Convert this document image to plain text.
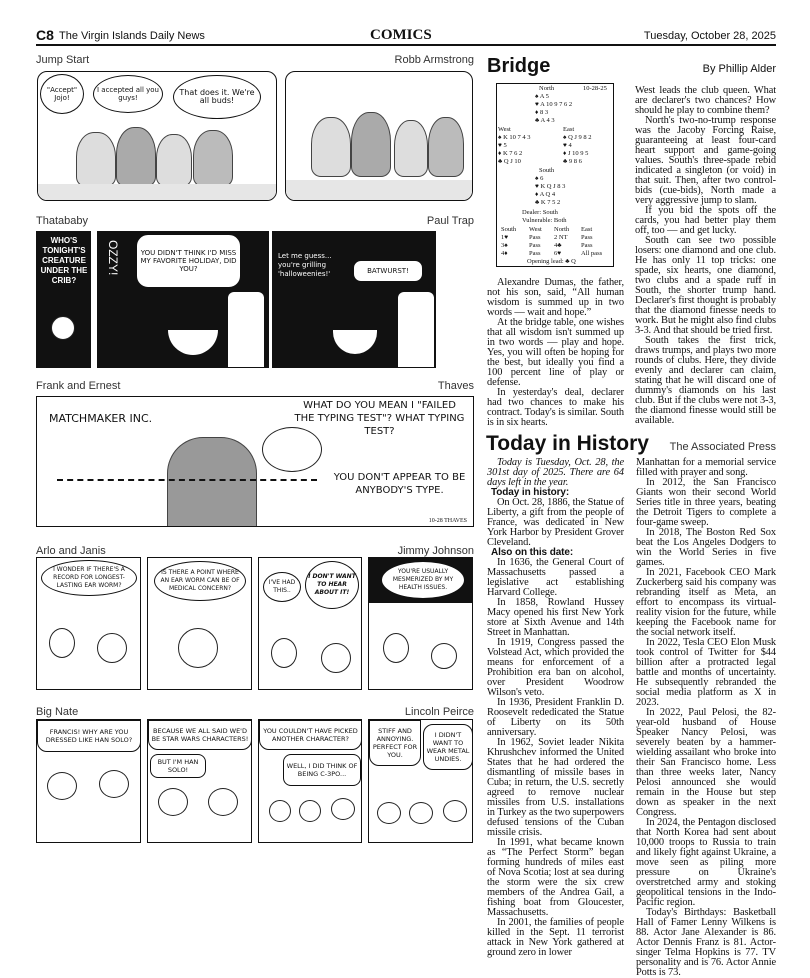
C8 The Virgin Islands Daily News	COMICS	Tuesday, October 28, 2025
Jump Start	Robb Armstrong
"Accept" Jojo!
I accepted all you guys!
That does it. We're all buds!
Thatababy	Paul Trap
WHO'S TONIGHT'S CREATURE UNDER THE CRIB?
OZZY!	YOU DIDN'T THINK I'D MISS MY FAVORITE HOLIDAY, DID YOU?
Let me guess... you're grilling 'halloweenies!'	BATWURST!
Frank and Ernest	Thaves
MATCHMAKER INC.
WHAT DO YOU MEAN I "FAILED THE TYPING TEST"? WHAT TYPING TEST?
YOU DON'T APPEAR TO BE ANYBODY'S TYPE.
10-28 THAVES
Arlo and Janis	Jimmy Johnson
I WONDER IF THERE'S A RECORD FOR LONGEST-LASTING EAR WORM?
IS THERE A POINT WHERE AN EAR WORM CAN BE OF MEDICAL CONCERN?
I'VE HAD THIS..
I DON'T WANT TO HEAR ABOUT IT!
YOU'RE USUALLY MESMERIZED BY MY HEALTH ISSUES.
Big Nate	Lincoln Peirce
FRANCIS! WHY ARE YOU DRESSED LIKE HAN SOLO?
BECAUSE WE ALL SAID WE'D BE STAR WARS CHARACTERS!
BUT I'M HAN SOLO!
YOU COULDN'T HAVE PICKED ANOTHER CHARACTER?
WELL, I DID THINK OF BEING C-3PO...
STIFF AND ANNOYING. PERFECT FOR YOU.
I DIDN'T WANT TO WEAR METAL UNDIES.
Bridge	By Phillip Alder
North	10-28-25
♠ A 5
♥ A 10 9 7 6 2
♦ 8 3
♣ A 4 3
West
♠ K 10 7 4 3
♥ 5
♦ K 7 6 2
♣ Q J 10
East
♠ Q J 9 8 2
♥ 4
♦ J 10 9 5
♣ 9 8 6
South
♠ 6
♥ K Q J 8 3
♦ A Q 4
♣ K 7 5 2
Dealer: South
Vulnerable: Both
South	West	North	East
1♥	Pass	2 NT	Pass
3♠	Pass	4♣	Pass
4♦	Pass	6♥	All pass
Opening lead: ♣ Q

Alexandre Dumas, the father, not his son, said, “All human wisdom is summed up in two words — wait and hope.”

At the bridge table, one wishes that all wisdom isn't summed up in two words — play and hope. Yes, you will often be hoping for the best, but ideally you find a 100 percent line of play or defense.

In yesterday's deal, declarer had two chances to make his contract. Today's is similar. South is in six hearts.

West leads the club queen. What are declarer's two chances? How should he play to combine them?

North's two-no-trump response was the Jacoby Forcing Raise, guaranteeing at least four-card heart support and game-going values. South's three-spade rebid indicated a singleton (or void) in that suit. Then, after two control-bids (cue-bids), North made a very aggressive jump to slam.

If you bid the spots off the cards, you had better play them off, too — and get lucky.

South can see two possible losers: one diamond and one club. He has only 11 top tricks: one spade, six hearts, one diamond, two clubs and a spade ruff in South, the shorter trump hand. Declarer's first thought is probably that the diamond finesse needs to work. But he might also find clubs 3-3. And that should be tried first.

South takes the first trick, draws trumps, and plays two more rounds of clubs. Here, they divide evenly and declarer can claim, stating that he will discard one of dummy's diamonds on his last club. But if the clubs were not 3-3, the diamond finesse would still be available.

Today in History The Associated Press

Today is Tuesday, Oct. 28, the 301st day of 2025. There are 64 days left in the year.

Today in history:

On Oct. 28, 1886, the Statue of Liberty, a gift from the people of France, was dedicated in New York Harbor by President Grover Cleveland.

Also on this date:

In 1636, the General Court of Massachusetts passed a legislative act establishing Harvard College.

In 1858, Rowland Hussey Macy opened his first New York store at Sixth Avenue and 14th Street in Manhattan.

In 1919, Congress passed the Volstead Act, which provided the means for enforcement of a Prohibition era ban on alcohol, over President Woodrow Wilson's veto.

In 1936, President Franklin D. Roosevelt rededicated the Statue of Liberty on its 50th anniversary.

In 1962, Soviet leader Nikita Khrushchev informed the United States that he had ordered the dismantling of missile bases in Cuba; in return, the U.S. secretly agreed to remove nuclear missiles from U.S. installations in Turkey as the two superpowers defused tensions of the Cuban missile crisis.

In 1991, what became known as “The Perfect Storm” began forming hundreds of miles east of Nova Scotia; lost at sea during the storm were the six crew members of the Andrea Gail, a fishing boat from Gloucester, Massachusetts.

In 2001, the families of people killed in the Sept. 11 terrorist attack in New York gathered at ground zero in lower

Manhattan for a memorial service filled with prayer and song.

In 2012, the San Francisco Giants won their second World Series title in three years, beating the Detroit Tigers to complete a four-game sweep.

In 2018, The Boston Red Sox beat the Los Angeles Dodgers to win the World Series in five games.

In 2021, Facebook CEO Mark Zuckerberg said his company was rebranding itself as Meta, an effort to encompass its virtual-reality vision for the future, while keeping the Facebook name for the social network itself.

In 2022, Tesla CEO Elon Musk took control of Twitter for $44 billion after a protracted legal battle and months of uncertainty. He subsequently rebranded the social media platform as X in 2023.

In 2022, Paul Pelosi, the 82-year-old husband of House Speaker Nancy Pelosi, was severely beaten by a hammer-wielding assailant who broke into their San Francisco home. Less than three weeks later, Nancy Pelosi announced she would remain in the House but step down as speaker in the next Congress.

In 2024, the Pentagon disclosed that North Korea had sent about 10,000 troops to Russia to train and likely fight against Ukraine, a move seen as piling more pressure on Ukraine's overstretched army and stoking geopolitical tensions in the Indo-Pacific region.

Today's Birthdays: Basketball Hall of Famer Lenny Wilkens is 88. Actor Jane Alexander is 86. Actor Dennis Franz is 81. Actor-singer Telma Hopkins is 77. TV personality and is 76. Actor Annie Potts is 73.
